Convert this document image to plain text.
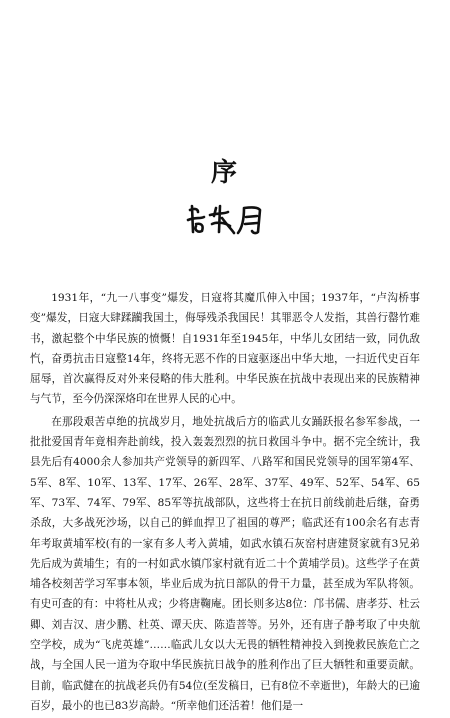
序

1931年，“九一八事变”爆发，日寇将其魔爪伸入中国；1937年，“卢沟桥事变”爆发，日寇大肆蹂躏我国土，侮辱残杀我国民！其罪恶令人发指，其兽行罄竹难书，激起整个中华民族的愤慨！自1931年至1945年，中华儿女团结一致，同仇敌忾，奋勇抗击日寇整14年，终将无恶不作的日寇驱逐出中华大地，一扫近代史百年屈辱，首次赢得反对外来侵略的伟大胜利。中华民族在抗战中表现出来的民族精神与气节，至今仍深深烙印在世界人民的心中。

在那段艰苦卓绝的抗战岁月，地处抗战后方的临武儿女踊跃报名参军参战，一批批爱国青年竟相奔赴前线，投入轰轰烈烈的抗日救国斗争中。据不完全统计，我县先后有4000余人参加共产党领导的新四军、八路军和国民党领导的国军第4军、5军、8军、10军、13军、17军、26军、28军、37军、49军、52军、54军、65军、73军、74军、79军、85军等抗战部队，这些将士在抗日前线前赴后继，奋勇杀敌，大多战死沙场，以自己的鲜血捍卫了祖国的尊严；临武还有100余名有志青年考取黄埔军校(有的一家有多人考入黄埔，如武水镇石灰窑村唐建贤家就有3兄弟先后成为黄埔生；有的一村如武水镇邝家村就有近二十个黄埔学员)。这些学子在黄埔各校刻苦学习军事本领，毕业后成为抗日部队的骨干力量，甚至成为军队将领。有史可查的有：中将杜从戎；少将唐鞠庵。团长则多达8位：邝书儒、唐孝芬、杜云卿、刘吉汉、唐少鹏、杜英、谭天庆、陈造菩等。另外，还有唐子静考取了中央航空学校，成为“飞虎英雄”……临武儿女以大无畏的牺牲精神投入到挽救民族危亡之战，与全国人民一道为夺取中华民族抗日战争的胜利作出了巨大牺牲和重要贡献。目前，临武健在的抗战老兵仍有54位(至发稿日，已有8位不幸逝世)，年龄大的已逾百岁，最小的也已83岁高龄。“所幸他们还活着！他们是一
